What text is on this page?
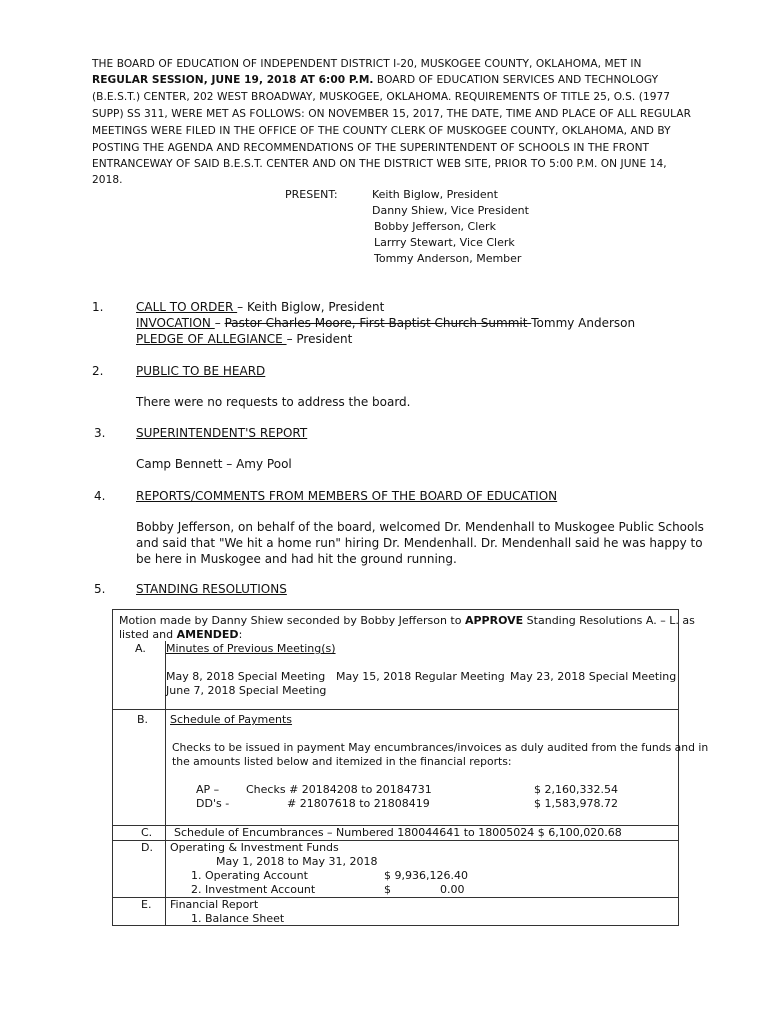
THE BOARD OF EDUCATION OF INDEPENDENT DISTRICT I-20, MUSKOGEE COUNTY, OKLAHOMA, MET IN
REGULAR SESSION, JUNE 19, 2018 AT 6:00 P.M. BOARD OF EDUCATION SERVICES AND TECHNOLOGY
(B.E.S.T.) CENTER, 202 WEST BROADWAY, MUSKOGEE, OKLAHOMA. REQUIREMENTS OF TITLE 25, O.S. (1977
SUPP) SS 311, WERE MET AS FOLLOWS: ON NOVEMBER 15, 2017, THE DATE, TIME AND PLACE OF ALL REGULAR
MEETINGS WERE FILED IN THE OFFICE OF THE COUNTY CLERK OF MUSKOGEE COUNTY, OKLAHOMA, AND BY
POSTING THE AGENDA AND RECOMMENDATIONS OF THE SUPERINTENDENT OF SCHOOLS IN THE FRONT
ENTRANCEWAY OF SAID B.E.S.T. CENTER AND ON THE DISTRICT WEB SITE, PRIOR TO 5:00 P.M. ON JUNE 14,
2018.
PRESENT:	Keith Biglow, President
Danny Shiew, Vice President
Bobby Jefferson, Clerk
Larrry Stewart, Vice Clerk
Tommy Anderson, Member
1.	CALL TO ORDER – Keith Biglow, President
INVOCATION – Pastor Charles Moore, First Baptist Church Summit Tommy Anderson
PLEDGE OF ALLEGIANCE – President
2.	PUBLIC TO BE HEARD
There were no requests to address the board.
3.	SUPERINTENDENT'S REPORT
Camp Bennett – Amy Pool
4.	REPORTS/COMMENTS FROM MEMBERS OF THE BOARD OF EDUCATION
Bobby Jefferson, on behalf of the board, welcomed Dr. Mendenhall to Muskogee Public Schools
and said that "We hit a home run" hiring Dr. Mendenhall. Dr. Mendenhall said he was happy to
be here in Muskogee and had hit the ground running.
5.	STANDING RESOLUTIONS
Motion made by Danny Shiew seconded by Bobby Jefferson to APPROVE Standing Resolutions A. – L. as
listed and AMENDED:
A. Minutes of Previous Meeting(s)
May 8, 2018 Special Meeting May 15, 2018 Regular Meeting May 23, 2018 Special Meeting
June 7, 2018 Special Meeting
B. Schedule of Payments
Checks to be issued in payment May encumbrances/invoices as duly audited from the funds and in
the amounts listed below and itemized in the financial reports:
AP – Checks # 20184208 to 20184731	$ 2,160,332.54
DD's -	# 21807618 to 21808419	$ 1,583,978.72
C. Schedule of Encumbrances – Numbered 180044641 to 18005024 $ 6,100,020.68
D. Operating & Investment Funds
May 1, 2018 to May 31, 2018
1. Operating Account	$ 9,936,126.40
2. Investment Account	$	0.00
E. Financial Report
1. Balance Sheet
